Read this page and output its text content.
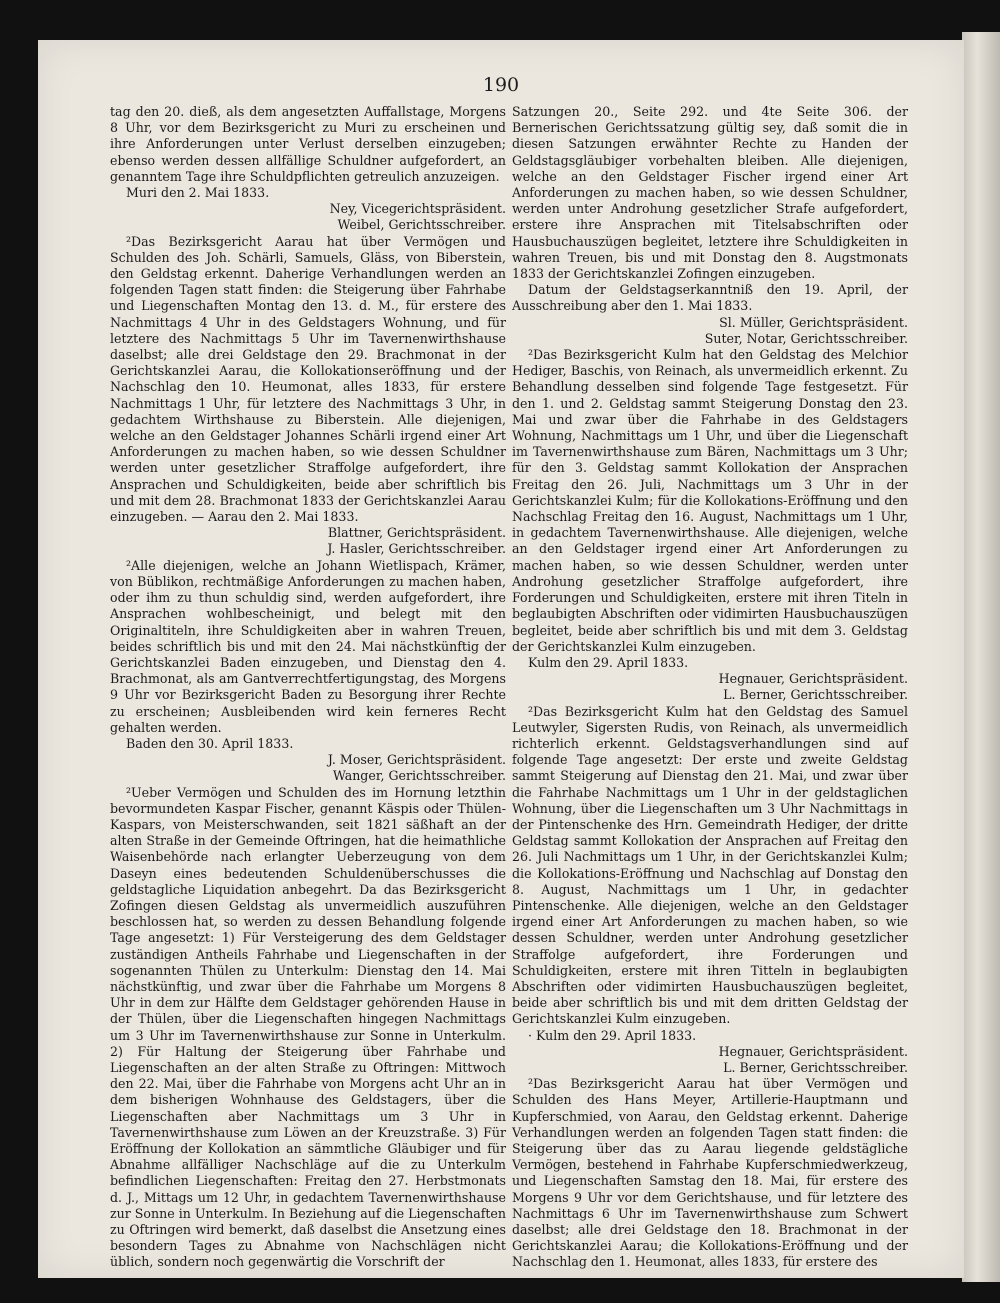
190

tag den 20. dieß, als dem angesetzten Auffallstage, Morgens 8 Uhr, vor dem Bezirksgericht zu Muri zu erscheinen und ihre Anforderungen unter Verlust derselben einzugeben; ebenso werden dessen allfällige Schuldner aufgefordert, an genanntem Tage ihre Schuldpflichten getreulich anzuzeigen.

Muri den 2. Mai 1833.

Ney, Vicegerichtspräsident.

Weibel, Gerichtsschreiber.

²Das Bezirksgericht Aarau hat über Vermögen und Schulden des Joh. Schärli, Samuels, Gläss, von Biberstein, den Geldstag erkennt. Daherige Verhandlungen werden an folgenden Tagen statt finden: die Steigerung über Fahrhabe und Liegenschaften Montag den 13. d. M., für erstere des Nachmittags 4 Uhr in des Geldstagers Wohnung, und für letztere des Nachmittags 5 Uhr im Tavernenwirthshause daselbst; alle drei Geldstage den 29. Brachmonat in der Gerichtskanzlei Aarau, die Kollokationseröffnung und der Nachschlag den 10. Heumonat, alles 1833, für erstere Nachmittags 1 Uhr, für letztere des Nachmittags 3 Uhr, in gedachtem Wirthshause zu Biberstein. Alle diejenigen, welche an den Geldstager Johannes Schärli irgend einer Art Anforderungen zu machen haben, so wie dessen Schuldner werden unter gesetzlicher Straffolge aufgefordert, ihre Ansprachen und Schuldigkeiten, beide aber schriftlich bis und mit dem 28. Brachmonat 1833 der Gerichtskanzlei Aarau einzugeben. — Aarau den 2. Mai 1833.

Blattner, Gerichtspräsident.

J. Hasler, Gerichtsschreiber.

²Alle diejenigen, welche an Johann Wietlispach, Krämer, von Büblikon, rechtmäßige Anforderungen zu machen haben, oder ihm zu thun schuldig sind, werden aufgefordert, ihre Ansprachen wohlbescheinigt, und belegt mit den Originaltiteln, ihre Schuldigkeiten aber in wahren Treuen, beides schriftlich bis und mit den 24. Mai nächstkünftig der Gerichtskanzlei Baden einzugeben, und Dienstag den 4. Brachmonat, als am Gantverrechtfertigungstag, des Morgens 9 Uhr vor Bezirksgericht Baden zu Besorgung ihrer Rechte zu erscheinen; Ausbleibenden wird kein ferneres Recht gehalten werden.

Baden den 30. April 1833.

J. Moser, Gerichtspräsident.

Wanger, Gerichtsschreiber.

²Ueber Vermögen und Schulden des im Hornung letzthin bevormundeten Kaspar Fischer, genannt Käspis oder Thülen-Kaspars, von Meisterschwanden, seit 1821 säßhaft an der alten Straße in der Gemeinde Oftringen, hat die heimathliche Waisenbehörde nach erlangter Ueberzeugung von dem Daseyn eines bedeutenden Schuldenüberschusses die geldstagliche Liquidation anbegehrt. Da das Bezirksgericht Zofingen diesen Geldstag als unvermeidlich auszuführen beschlossen hat, so werden zu dessen Behandlung folgende Tage angesetzt: 1) Für Versteigerung des dem Geldstager zuständigen Antheils Fahrhabe und Liegenschaften in der sogenannten Thülen zu Unterkulm: Dienstag den 14. Mai nächstkünftig, und zwar über die Fahrhabe um Morgens 8 Uhr in dem zur Hälfte dem Geldstager gehörenden Hause in der Thülen, über die Liegenschaften hingegen Nachmittags um 3 Uhr im Tavernenwirthshause zur Sonne in Unterkulm. 2) Für Haltung der Steigerung über Fahrhabe und Liegenschaften an der alten Straße zu Oftringen: Mittwoch den 22. Mai, über die Fahrhabe von Morgens acht Uhr an in dem bisherigen Wohnhause des Geldstagers, über die Liegenschaften aber Nachmittags um 3 Uhr in Tavernenwirthshause zum Löwen an der Kreuzstraße. 3) Für Eröffnung der Kollokation an sämmtliche Gläubiger und für Abnahme allfälliger Nachschläge auf die zu Unterkulm befindlichen Liegenschaften: Freitag den 27. Herbstmonats d. J., Mittags um 12 Uhr, in gedachtem Tavernenwirthshause zur Sonne in Unterkulm. In Beziehung auf die Liegenschaften zu Oftringen wird bemerkt, daß daselbst die Ansetzung eines besondern Tages zu Abnahme von Nachschlägen nicht üblich, sondern noch gegenwärtig die Vorschrift der

Satzungen 20., Seite 292. und 4te Seite 306. der Bernerischen Gerichtssatzung gültig sey, daß somit die in diesen Satzungen erwähnter Rechte zu Handen der Geldstagsgläubiger vorbehalten bleiben. Alle diejenigen, welche an den Geldstager Fischer irgend einer Art Anforderungen zu machen haben, so wie dessen Schuldner, werden unter Androhung gesetzlicher Strafe aufgefordert, erstere ihre Ansprachen mit Titelsabschriften oder Hausbuchauszügen begleitet, letztere ihre Schuldigkeiten in wahren Treuen, bis und mit Donstag den 8. Augstmonats 1833 der Gerichtskanzlei Zofingen einzugeben.

Datum der Geldstagserkanntniß den 19. April, der Ausschreibung aber den 1. Mai 1833.

Sl. Müller, Gerichtspräsident.

Suter, Notar, Gerichtsschreiber.

²Das Bezirksgericht Kulm hat den Geldstag des Melchior Hediger, Baschis, von Reinach, als unvermeidlich erkennt. Zu Behandlung desselben sind folgende Tage festgesetzt. Für den 1. und 2. Geldstag sammt Steigerung Donstag den 23. Mai und zwar über die Fahrhabe in des Geldstagers Wohnung, Nachmittags um 1 Uhr, und über die Liegenschaft im Tavernenwirthshause zum Bären, Nachmittags um 3 Uhr; für den 3. Geldstag sammt Kollokation der Ansprachen Freitag den 26. Juli, Nachmittags um 3 Uhr in der Gerichtskanzlei Kulm; für die Kollokations-Eröffnung und den Nachschlag Freitag den 16. August, Nachmittags um 1 Uhr, in gedachtem Tavernenwirthshause. Alle diejenigen, welche an den Geldstager irgend einer Art Anforderungen zu machen haben, so wie dessen Schuldner, werden unter Androhung gesetzlicher Straffolge aufgefordert, ihre Forderungen und Schuldigkeiten, erstere mit ihren Titeln in beglaubigten Abschriften oder vidimirten Hausbuchauszügen begleitet, beide aber schriftlich bis und mit dem 3. Geldstag der Gerichtskanzlei Kulm einzugeben.

Kulm den 29. April 1833.

Hegnauer, Gerichtspräsident.

L. Berner, Gerichtsschreiber.

²Das Bezirksgericht Kulm hat den Geldstag des Samuel Leutwyler, Sigersten Rudis, von Reinach, als unvermeidlich richterlich erkennt. Geldstagsverhandlungen sind auf folgende Tage angesetzt: Der erste und zweite Geldstag sammt Steigerung auf Dienstag den 21. Mai, und zwar über die Fahrhabe Nachmittags um 1 Uhr in der geldstaglichen Wohnung, über die Liegenschaften um 3 Uhr Nachmittags in der Pintenschenke des Hrn. Gemeindrath Hediger, der dritte Geldstag sammt Kollokation der Ansprachen auf Freitag den 26. Juli Nachmittags um 1 Uhr, in der Gerichtskanzlei Kulm; die Kollokations-Eröffnung und Nachschlag auf Donstag den 8. August, Nachmittags um 1 Uhr, in gedachter Pintenschenke. Alle diejenigen, welche an den Geldstager irgend einer Art Anforderungen zu machen haben, so wie dessen Schuldner, werden unter Androhung gesetzlicher Straffolge aufgefordert, ihre Forderungen und Schuldigkeiten, erstere mit ihren Titteln in beglaubigten Abschriften oder vidimirten Hausbuchauszügen begleitet, beide aber schriftlich bis und mit dem dritten Geldstag der Gerichtskanzlei Kulm einzugeben.

· Kulm den 29. April 1833.

Hegnauer, Gerichtspräsident.

L. Berner, Gerichtsschreiber.

²Das Bezirksgericht Aarau hat über Vermögen und Schulden des Hans Meyer, Artillerie-Hauptmann und Kupferschmied, von Aarau, den Geldstag erkennt. Daherige Verhandlungen werden an folgenden Tagen statt finden: die Steigerung über das zu Aarau liegende geldstägliche Vermögen, bestehend in Fahrhabe Kupferschmiedwerkzeug, und Liegenschaften Samstag den 18. Mai, für erstere des Morgens 9 Uhr vor dem Gerichtshause, und für letztere des Nachmittags 6 Uhr im Tavernenwirthshause zum Schwert daselbst; alle drei Geldstage den 18. Brachmonat in der Gerichtskanzlei Aarau; die Kollokations-Eröffnung und der Nachschlag den 1. Heumonat, alles 1833, für erstere des
